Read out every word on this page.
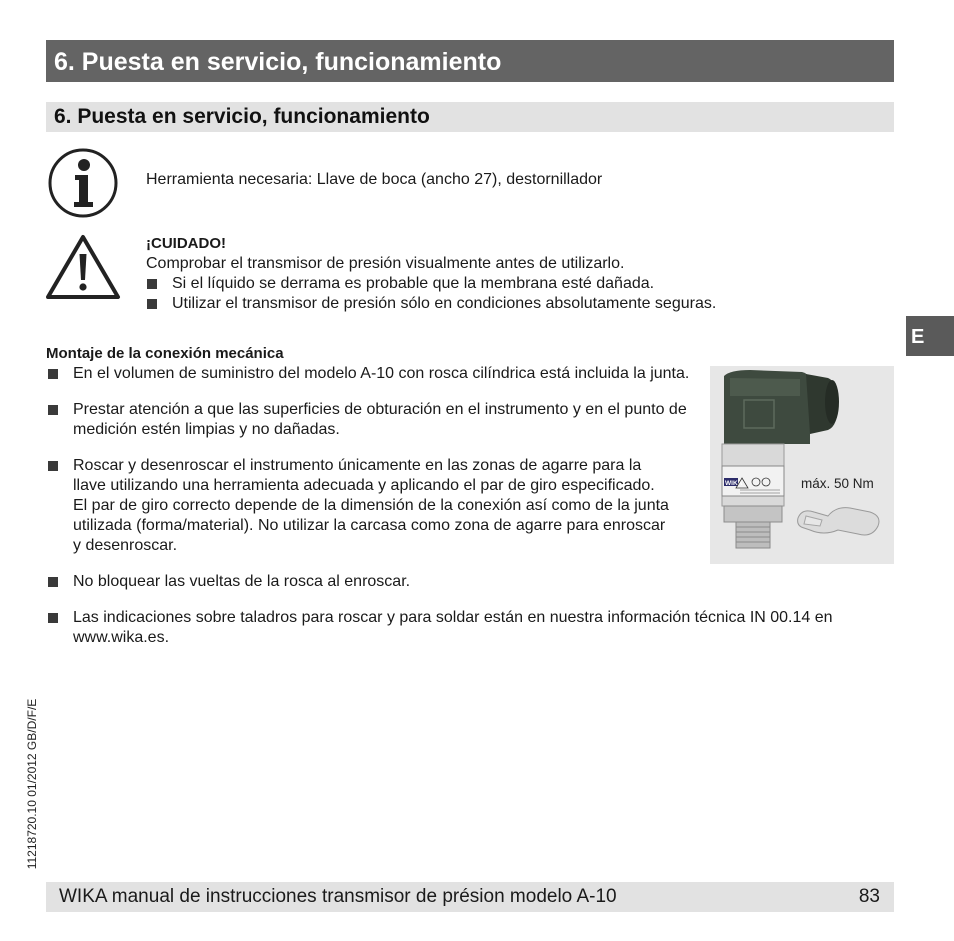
6. Puesta en servicio, funcionamiento
6. Puesta en servicio, funcionamiento
Herramienta necesaria: Llave de boca (ancho 27), destornillador
¡CUIDADO!
Comprobar el transmisor de presión visualmente antes de utilizarlo.
Si el líquido se derrama es probable que la membrana esté dañada.
Utilizar el transmisor de presión sólo en condiciones absolutamente seguras.
Montaje de la conexión mecánica
En el volumen de suministro del modelo A-10 con rosca cilíndrica está incluida la junta.
Prestar atención a que las superficies de obturación en el instrumento y en el punto de medición estén limpias y no dañadas.
Roscar y desenroscar el instrumento únicamente en las zonas de agarre para la llave utilizando una herramienta adecuada y aplicando el par de giro especificado. El par de giro correcto depende de la dimensión de la conexión así como de la junta utilizada (forma/material). No utilizar la carcasa como zona de agarre para enroscar y desenroscar.
No bloquear las vueltas de la rosca al enroscar.
Las indicaciones sobre taladros para roscar y para soldar están en nuestra información técnica IN 00.14 en www.wika.es.
WIKA	máx. 50 Nm
E
11218720.10 01/2012 GB/D/F/E
WIKA manual de instrucciones transmisor de présion modelo A-10	83
